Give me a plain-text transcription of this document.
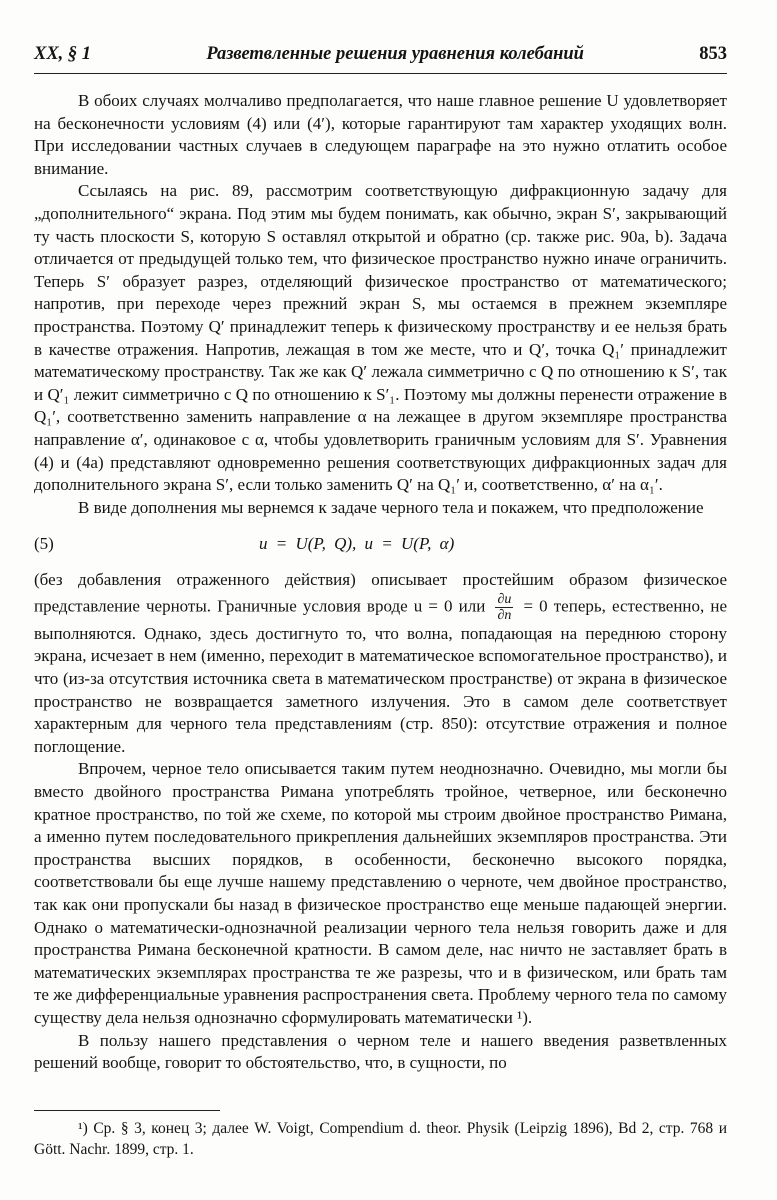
XX, § 1	Разветвленные решения уравнения колебаний	853

В обоих случаях молчаливо предполагается, что наше главное решение U удовлетворяет на бесконечности условиям (4) или (4′), которые гарантируют там характер уходящих волн. При исследовании частных случаев в следующем параграфе на это нужно отлатить особое внимание.

Ссылаясь на рис. 89, рассмотрим соответствующую дифракционную задачу для „дополнительного“ экрана. Под этим мы будем понимать, как обычно, экран S′, закрывающий ту часть плоскости S, которую S оставлял открытой и обратно (ср. также рис. 90а, b). Задача отличается от предыдущей только тем, что физическое пространство нужно иначе ограничить. Теперь S′ образует разрез, отделяющий физическое пространство от математического; напротив, при переходе через прежний экран S, мы остаемся в прежнем экземпляре пространства. Поэтому Q′ принадлежит теперь к физическому пространству и ее нельзя брать в качестве отражения. Напротив, лежащая в том же месте, что и Q′, точка Q₁′ принадлежит математическому пространству. Так же как Q′ лежала симметрично с Q по отношению к S′, так и Q′₁ лежит симметрично с Q по отношению к S′₁. Поэтому мы должны перенести отражение в Q₁′, соответственно заменить направление α на лежащее в другом экземпляре пространства направление α′, одинаковое с α, чтобы удовлетворить граничным условиям для S′. Уравнения (4) и (4а) представляют одновременно решения соответствующих дифракционных задач для дополнительного экрана S′, если только заменить Q′ на Q₁′ и, соответственно, α′ на α₁′.

В виде дополнения мы вернемся к задаче черного тела и покажем, что предположение

(5)	u = U(P, Q), u = U(P, α)

(без добавления отраженного действия) описывает простейшим образом физическое представление черноты. Граничные условия вроде u = 0 или $\frac{\partial u}{\partial n} = 0$ теперь, естественно, не выполняются. Однако, здесь достигнуто то, что волна, попадающая на переднюю сторону экрана, исчезает в нем (именно, переходит в математическое вспомогательное пространство), и что (из-за отсутствия источника света в математическом пространстве) от экрана в физическое пространство не возвращается заметного излучения. Это в самом деле соответствует характерным для черного тела представлениям (стр. 850): отсутствие отражения и полное поглощение.

Впрочем, черное тело описывается таким путем неоднозначно. Очевидно, мы могли бы вместо двойного пространства Римана употреблять тройное, четверное, или бесконечно кратное пространство, по той же схеме, по которой мы строим двойное пространство Римана, а именно путем последовательного прикрепления дальнейших экземпляров пространства. Эти пространства высших порядков, в особенности, бесконечно высокого порядка, соответствовали бы еще лучше нашему представлению о черноте, чем двойное пространство, так как они пропускали бы назад в физическое пространство еще меньше падающей энергии. Однако о математически-однозначной реализации черного тела нельзя говорить даже и для пространства Римана бесконечной кратности. В самом деле, нас ничто не заставляет брать в математических экземплярах пространства те же разрезы, что и в физическом, или брать там те же дифференциальные уравнения распространения света. Проблему черного тела по самому существу дела нельзя однозначно сформулировать математически ¹).

В пользу нашего представления о черном теле и нашего введения разветвленных решений вообще, говорит то обстоятельство, что, в сущности, по

¹) Ср. § 3, конец 3; далее W. Voigt, Compendium d. theor. Physik (Leipzig 1896), Bd 2, стр. 768 и Gött. Nachr. 1899, стр. 1.
